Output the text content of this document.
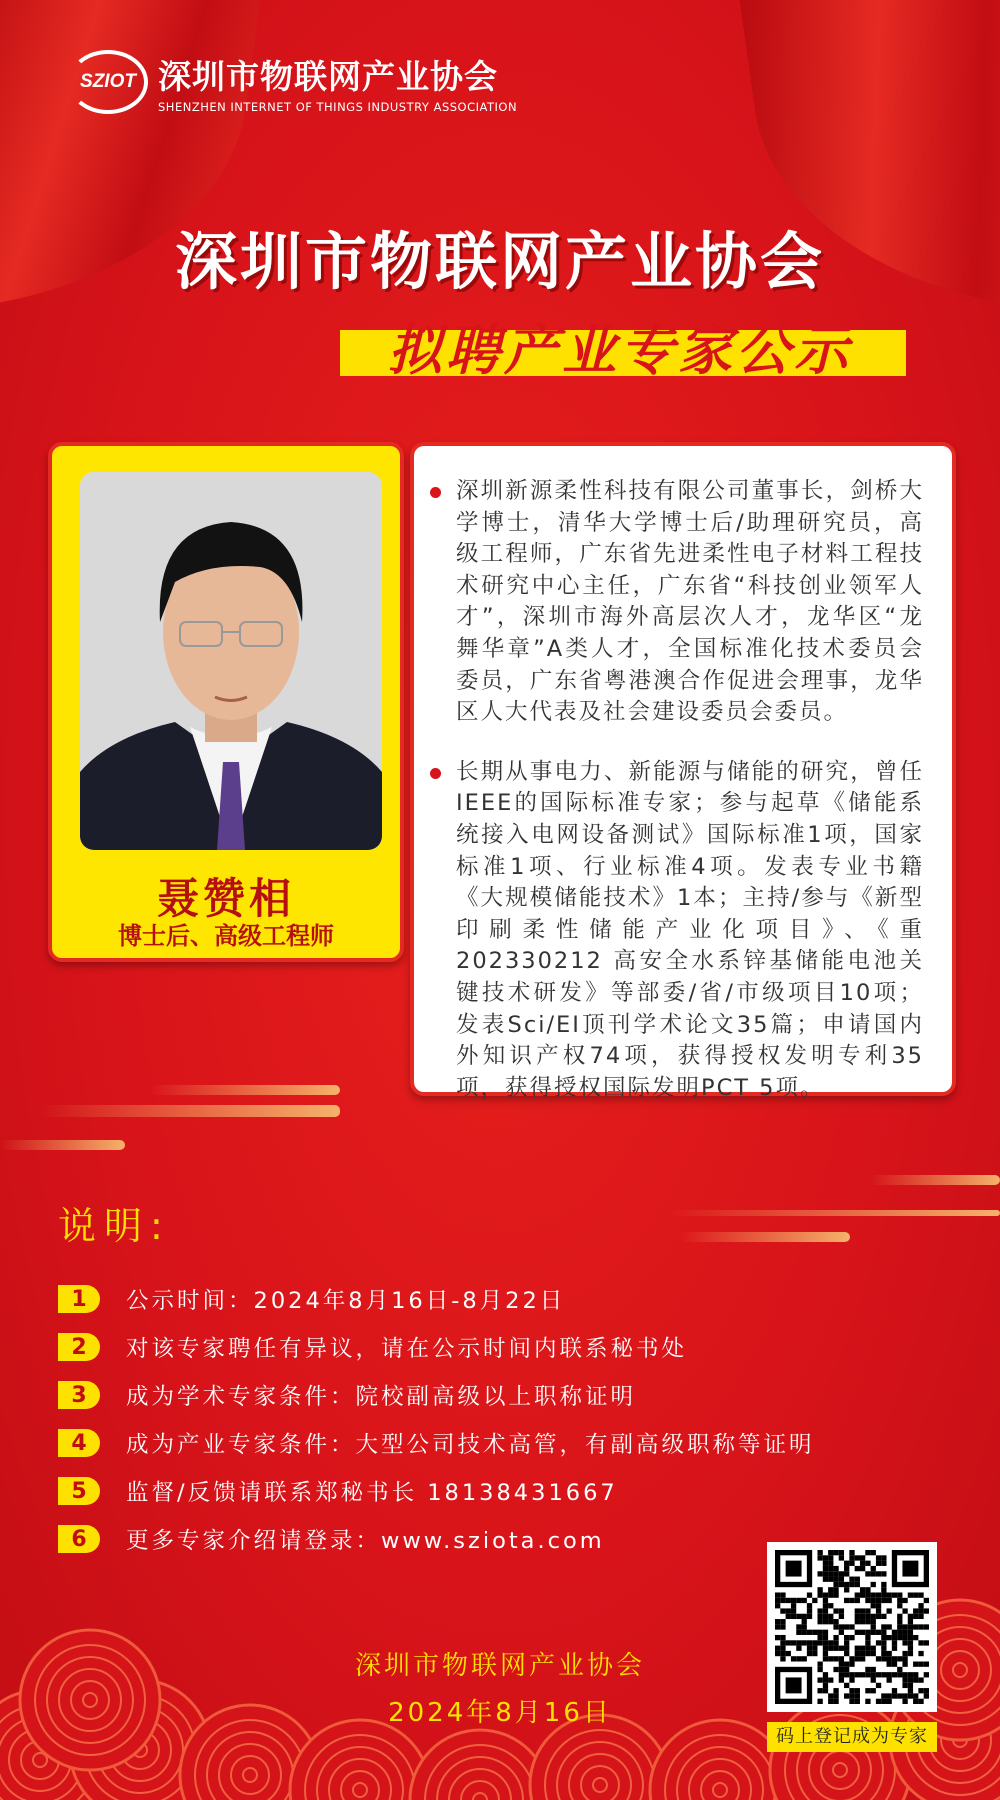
SZIOT 深圳市物联网产业协会
SHENZHEN INTERNET OF THINGS INDUSTRY ASSOCIATION
深圳市物联网产业协会
拟聘产业专家公示
聂赞相
博士后、高级工程师

深圳新源柔性科技有限公司董事长，剑桥大学博士，清华大学博士后/助理研究员，高级工程师，广东省先进柔性电子材料工程技术研究中心主任，广东省“科技创业领军人才”，深圳市海外高层次人才，龙华区“龙舞华章”A类人才，全国标准化技术委员会委员，广东省粤港澳合作促进会理事，龙华区人大代表及社会建设委员会委员。

长期从事电力、新能源与储能的研究，曾任IEEE的国际标准专家；参与起草《储能系统接入电网设备测试》国际标准1项，国家标准1项、行业标准4项。发表专业书籍《大规模储能技术》1本；主持/参与《新型印刷柔性储能产业化项目》、《重202330212 高安全水系锌基储能电池关键技术研发》等部委/省/市级项目10项；发表Sci/EI顶刊学术论文35篇；申请国内外知识产权74项，获得授权发明专利35项，获得授权国际发明PCT 5项。

说明:
1	公示时间：2024年8月16日-8月22日
2	对该专家聘任有异议，请在公示时间内联系秘书处
3	成为学术专家条件：院校副高级以上职称证明
4	成为产业专家条件：大型公司技术高管，有副高级职称等证明
5	监督/反馈请联系郑秘书长 18138431667
6	更多专家介绍请登录：www.sziota.com
深圳市物联网产业协会
2024年8月16日
码上登记成为专家
